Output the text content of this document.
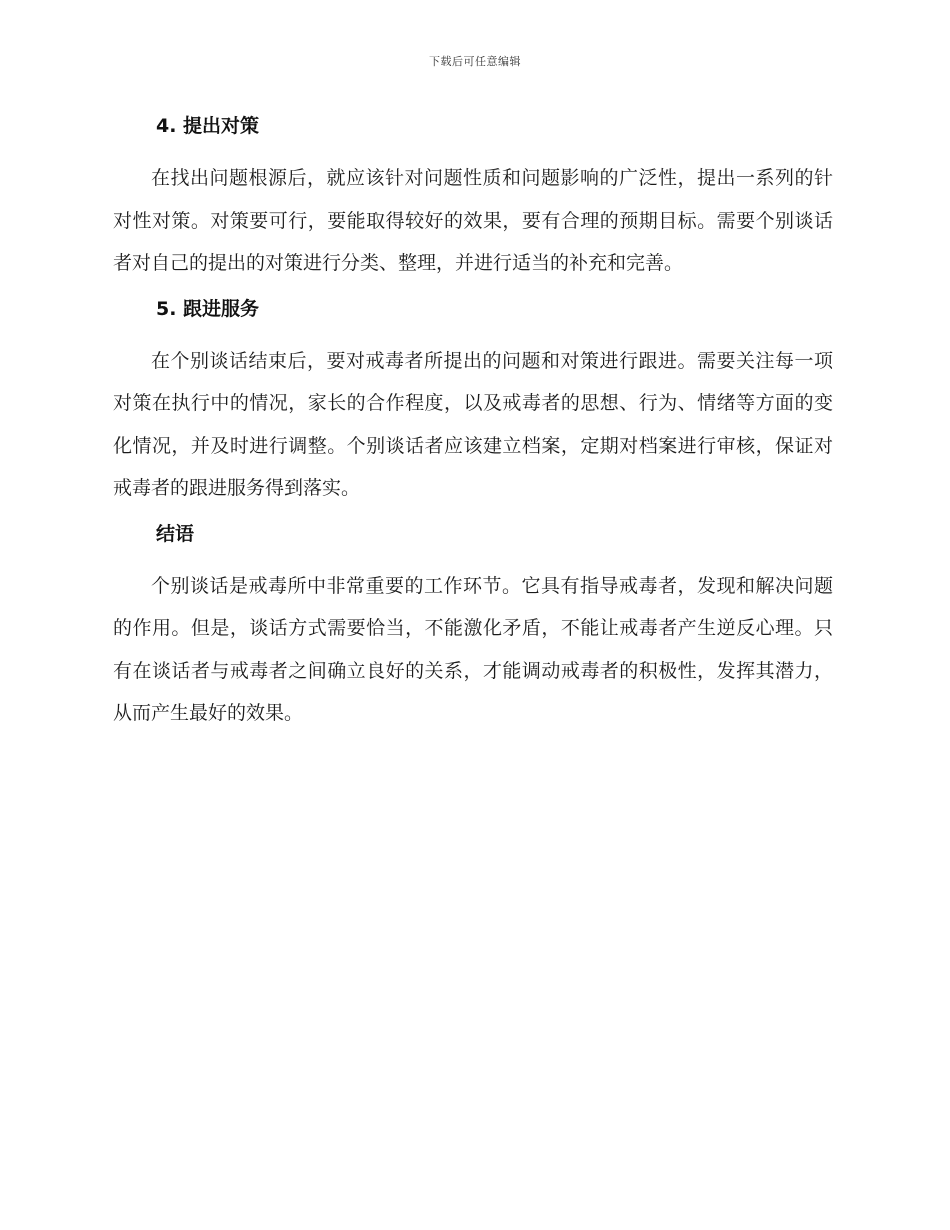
下载后可任意编辑
4. 提出对策

在找出问题根源后，就应该针对问题性质和问题影响的广泛性，提出一系列的针对性对策。对策要可行，要能取得较好的效果，要有合理的预期目标。需要个别谈话者对自己的提出的对策进行分类、整理，并进行适当的补充和完善。

5. 跟进服务

在个别谈话结束后，要对戒毒者所提出的问题和对策进行跟进。需要关注每一项对策在执行中的情况，家长的合作程度，以及戒毒者的思想、行为、情绪等方面的变化情况，并及时进行调整。个别谈话者应该建立档案，定期对档案进行审核，保证对戒毒者的跟进服务得到落实。

结语

个别谈话是戒毒所中非常重要的工作环节。它具有指导戒毒者，发现和解决问题的作用。但是，谈话方式需要恰当，不能激化矛盾，不能让戒毒者产生逆反心理。只有在谈话者与戒毒者之间确立良好的关系，才能调动戒毒者的积极性，发挥其潜力，从而产生最好的效果。
